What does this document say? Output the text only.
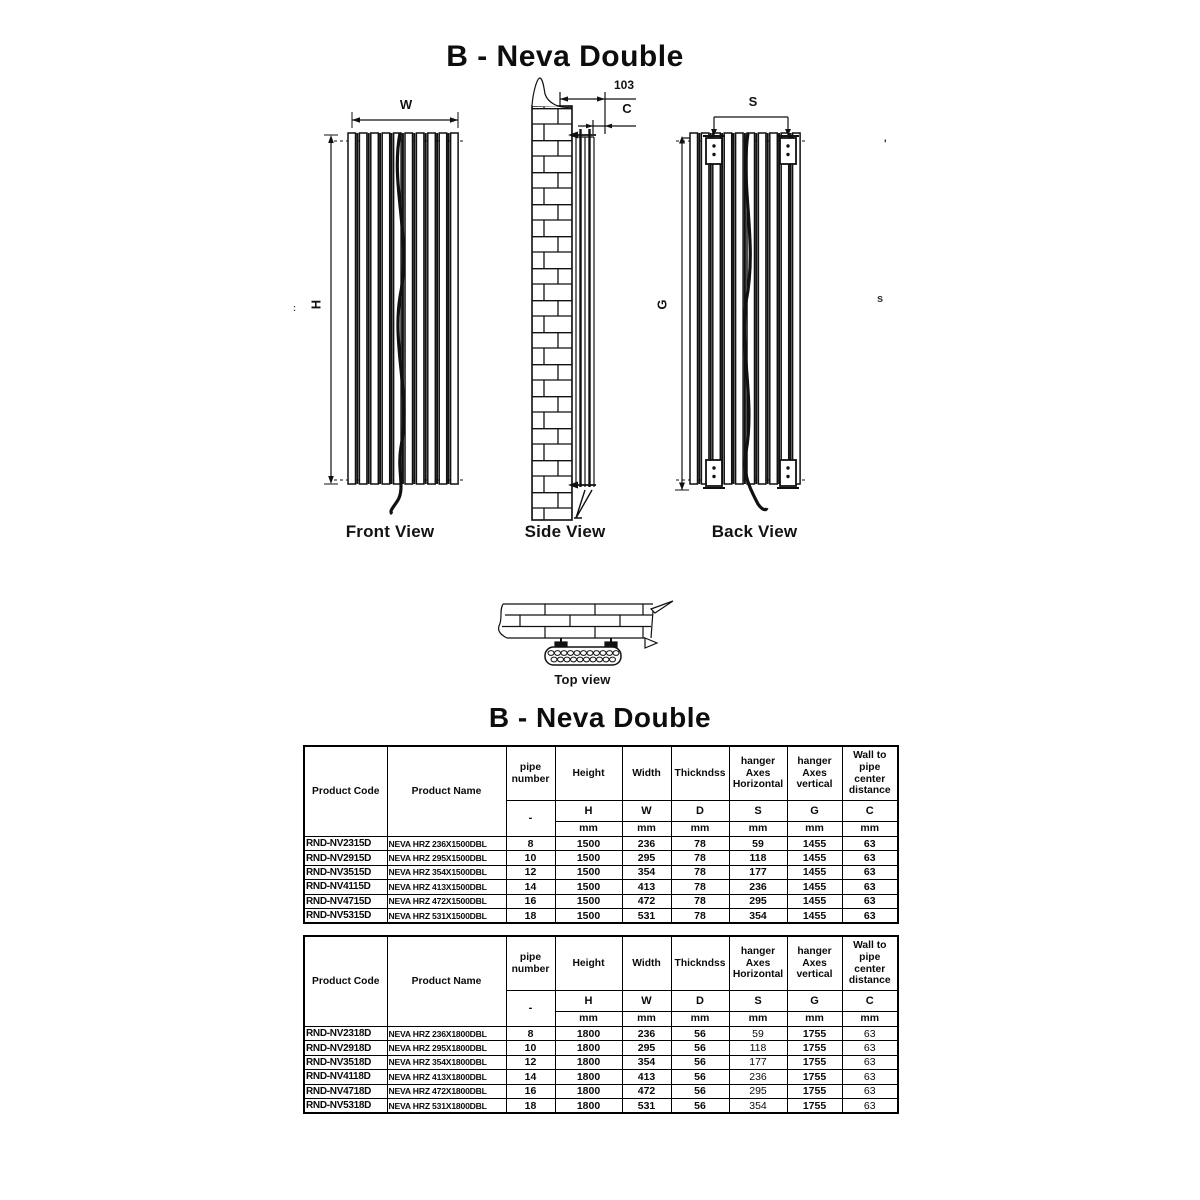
B - Neva Double
W
H
103
C	S
G
:
'
s
Front View	Side View	Back View
Top view
B - Neva Double
Product Code	Product Name	pipe number	Height	Width	Thickndss	hanger Axes Horizontal	hanger Axes vertical	Wall to pipe center distance
		-	H	W	D	S	G	C
			mm	mm	mm	mm	mm	mm
RND-NV2315D	NEVA HRZ 236X1500DBL	8	1500	236	78	59	1455	63
RND-NV2915D	NEVA HRZ 295X1500DBL	10	1500	295	78	118	1455	63
RND-NV3515D	NEVA HRZ 354X1500DBL	12	1500	354	78	177	1455	63
RND-NV4115D	NEVA HRZ 413X1500DBL	14	1500	413	78	236	1455	63
RND-NV4715D	NEVA HRZ 472X1500DBL	16	1500	472	78	295	1455	63
RND-NV5315D	NEVA HRZ 531X1500DBL	18	1500	531	78	354	1455	63
Product Code	Product Name	pipe number	Height	Width	Thickndss	hanger Axes Horizontal	hanger Axes vertical	Wall to pipe center distance
		-	H	W	D	S	G	C
			mm	mm	mm	mm	mm	mm
RND-NV2318D	NEVA HRZ 236X1800DBL	8	1800	236	56	59	1755	63
RND-NV2918D	NEVA HRZ 295X1800DBL	10	1800	295	56	118	1755	63
RND-NV3518D	NEVA HRZ 354X1800DBL	12	1800	354	56	177	1755	63
RND-NV4118D	NEVA HRZ 413X1800DBL	14	1800	413	56	236	1755	63
RND-NV4718D	NEVA HRZ 472X1800DBL	16	1800	472	56	295	1755	63
RND-NV5318D	NEVA HRZ 531X1800DBL	18	1800	531	56	354	1755	63
